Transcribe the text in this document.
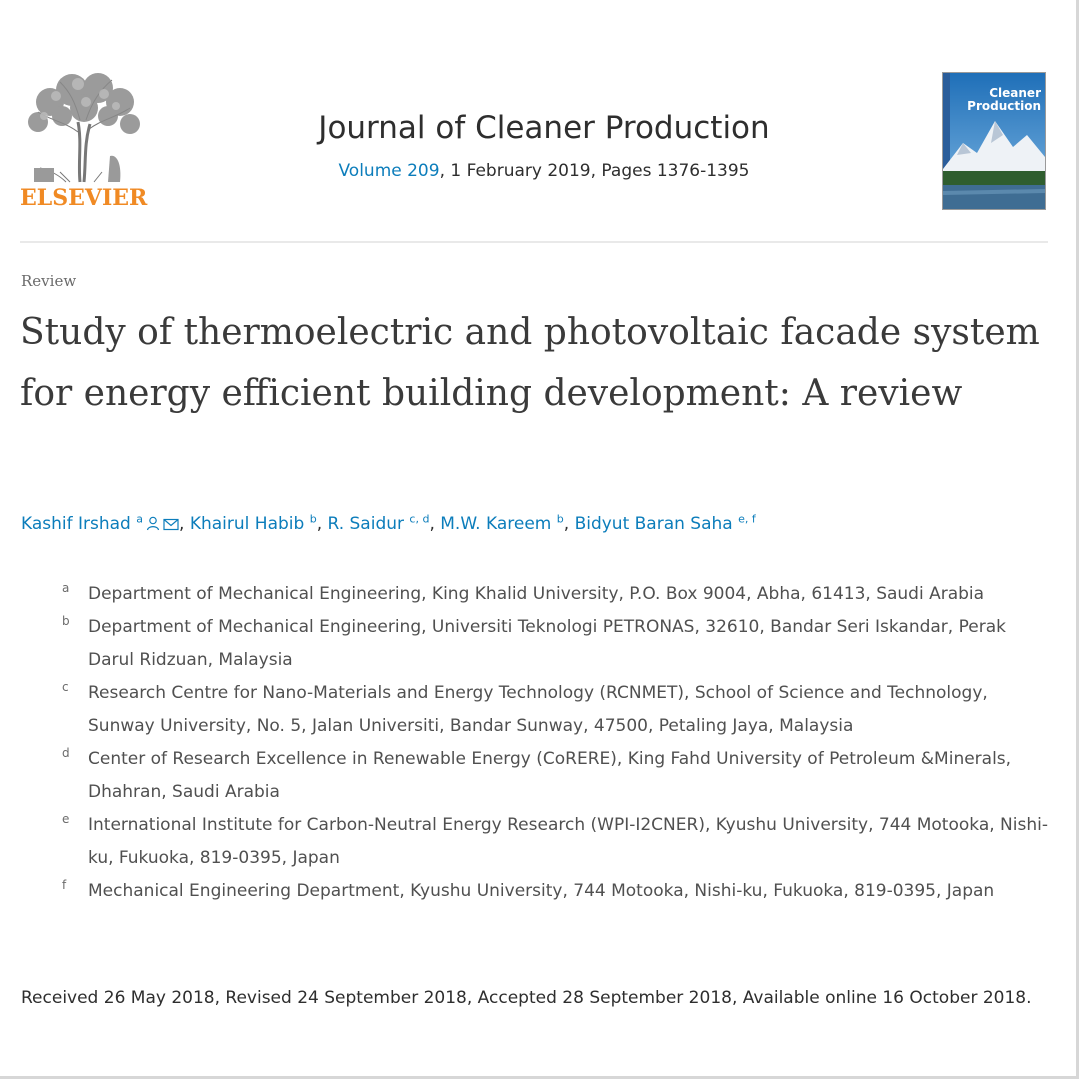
ELSEVIER
Journal of Cleaner Production
Volume 209, 1 February 2019, Pages 1376-1395
Cleaner Production
Review
Study of thermoelectric and photovoltaic facade system for energy efficient building development: A review
Kashif Irshad $^a$ , Khairul Habib $^b$, R. Saidur $^{c, d}$, M.W. Kareem $^b$, Bidyut Baran Saha $^{e, f}$
a Department of Mechanical Engineering, King Khalid University, P.O. Box 9004, Abha, 61413, Saudi Arabia
b Department of Mechanical Engineering, Universiti Teknologi PETRONAS, 32610, Bandar Seri Iskandar, Perak Darul Ridzuan, Malaysia
c Research Centre for Nano-Materials and Energy Technology (RCNMET), School of Science and Technology, Sunway University, No. 5, Jalan Universiti, Bandar Sunway, 47500, Petaling Jaya, Malaysia
d Center of Research Excellence in Renewable Energy (CoRERE), King Fahd University of Petroleum &Minerals, Dhahran, Saudi Arabia
e International Institute for Carbon-Neutral Energy Research (WPI-I2CNER), Kyushu University, 744 Motooka, Nishi-ku, Fukuoka, 819-0395, Japan
f Mechanical Engineering Department, Kyushu University, 744 Motooka, Nishi-ku, Fukuoka, 819-0395, Japan
Received 26 May 2018, Revised 24 September 2018, Accepted 28 September 2018, Available online 16 October 2018.
